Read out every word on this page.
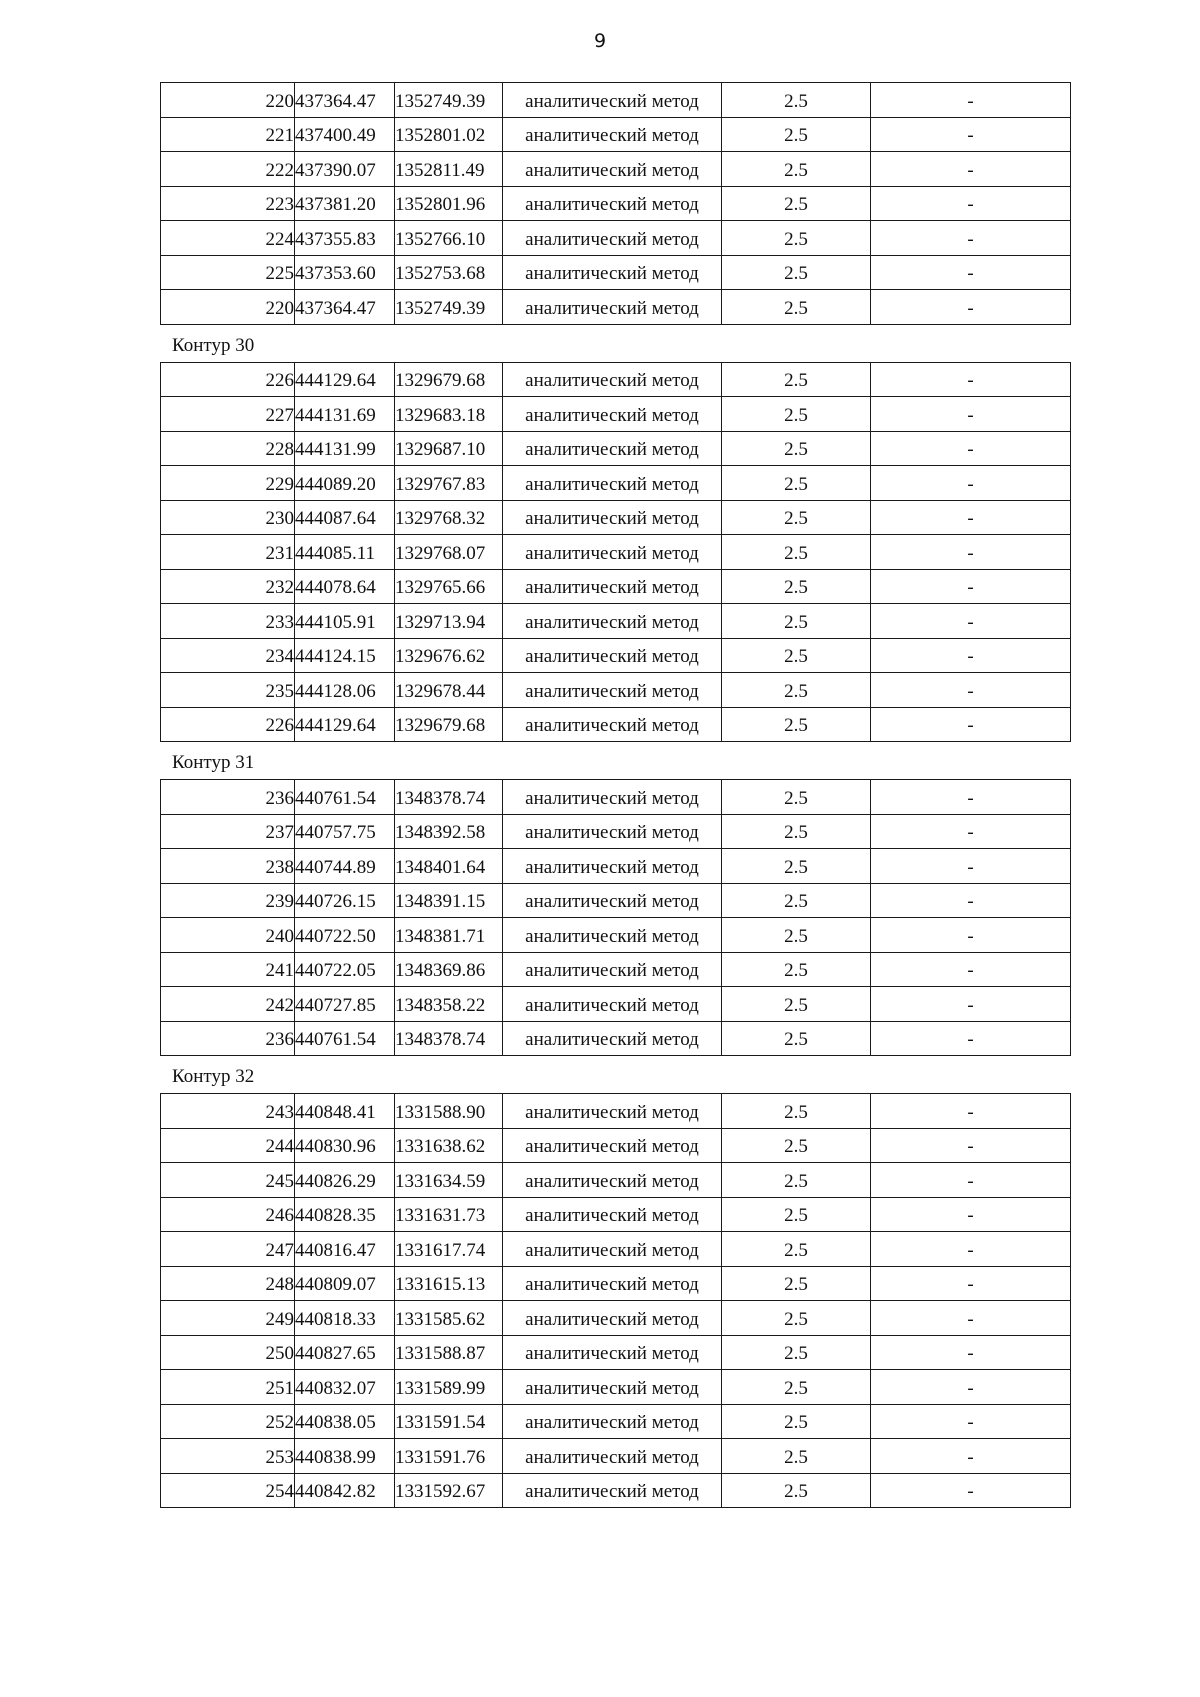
9
220	437364.47	1352749.39	аналитический метод	2.5	-
221	437400.49	1352801.02	аналитический метод	2.5	-
222	437390.07	1352811.49	аналитический метод	2.5	-
223	437381.20	1352801.96	аналитический метод	2.5	-
224	437355.83	1352766.10	аналитический метод	2.5	-
225	437353.60	1352753.68	аналитический метод	2.5	-
220	437364.47	1352749.39	аналитический метод	2.5	-
Контур 30
226	444129.64	1329679.68	аналитический метод	2.5	-
227	444131.69	1329683.18	аналитический метод	2.5	-
228	444131.99	1329687.10	аналитический метод	2.5	-
229	444089.20	1329767.83	аналитический метод	2.5	-
230	444087.64	1329768.32	аналитический метод	2.5	-
231	444085.11	1329768.07	аналитический метод	2.5	-
232	444078.64	1329765.66	аналитический метод	2.5	-
233	444105.91	1329713.94	аналитический метод	2.5	-
234	444124.15	1329676.62	аналитический метод	2.5	-
235	444128.06	1329678.44	аналитический метод	2.5	-
226	444129.64	1329679.68	аналитический метод	2.5	-
Контур 31
236	440761.54	1348378.74	аналитический метод	2.5	-
237	440757.75	1348392.58	аналитический метод	2.5	-
238	440744.89	1348401.64	аналитический метод	2.5	-
239	440726.15	1348391.15	аналитический метод	2.5	-
240	440722.50	1348381.71	аналитический метод	2.5	-
241	440722.05	1348369.86	аналитический метод	2.5	-
242	440727.85	1348358.22	аналитический метод	2.5	-
236	440761.54	1348378.74	аналитический метод	2.5	-
Контур 32
243	440848.41	1331588.90	аналитический метод	2.5	-
244	440830.96	1331638.62	аналитический метод	2.5	-
245	440826.29	1331634.59	аналитический метод	2.5	-
246	440828.35	1331631.73	аналитический метод	2.5	-
247	440816.47	1331617.74	аналитический метод	2.5	-
248	440809.07	1331615.13	аналитический метод	2.5	-
249	440818.33	1331585.62	аналитический метод	2.5	-
250	440827.65	1331588.87	аналитический метод	2.5	-
251	440832.07	1331589.99	аналитический метод	2.5	-
252	440838.05	1331591.54	аналитический метод	2.5	-
253	440838.99	1331591.76	аналитический метод	2.5	-
254	440842.82	1331592.67	аналитический метод	2.5	-
